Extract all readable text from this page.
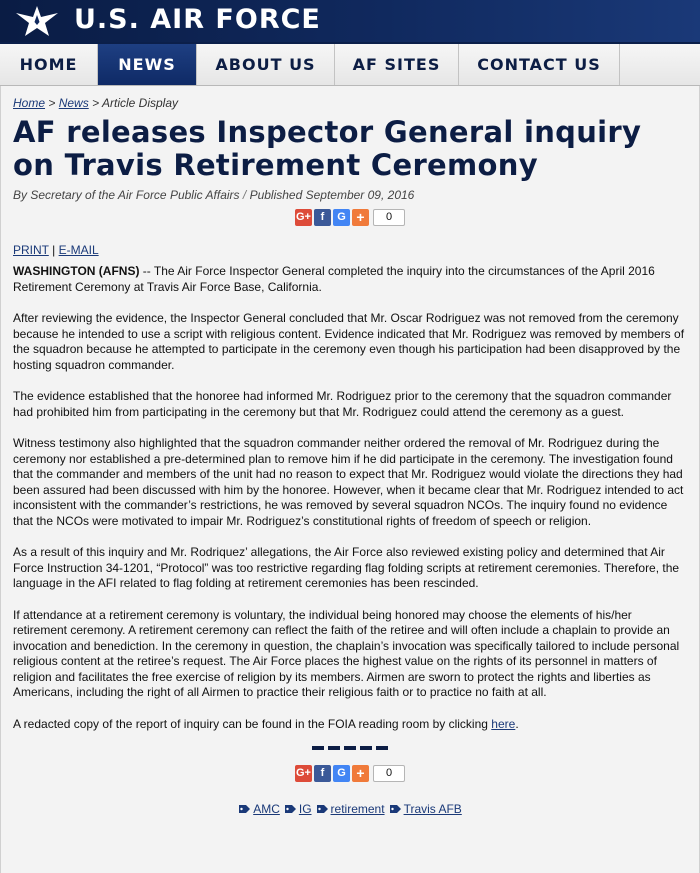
U.S. AIR FORCE
HOME	NEWS	ABOUT US	AF SITES	CONTACT US
Home > News > Article Display
AF releases Inspector General inquiry on Travis Retirement Ceremony
By Secretary of the Air Force Public Affairs / Published September 09, 2016
G+ f	G +	0
PRINT | E-MAIL

WASHINGTON (AFNS) -- The Air Force Inspector General completed the inquiry into the circumstances of the April 2016 Retirement Ceremony at Travis Air Force Base, California.

After reviewing the evidence, the Inspector General concluded that Mr. Oscar Rodriguez was not removed from the ceremony because he intended to use a script with religious content. Evidence indicated that Mr. Rodriguez was removed by members of the squadron because he attempted to participate in the ceremony even though his participation had been disapproved by the hosting squadron commander.

The evidence established that the honoree had informed Mr. Rodriguez prior to the ceremony that the squadron commander had prohibited him from participating in the ceremony but that Mr. Rodriguez could attend the ceremony as a guest.

Witness testimony also highlighted that the squadron commander neither ordered the removal of Mr. Rodriguez during the ceremony nor established a pre-determined plan to remove him if he did participate in the ceremony. The investigation found that the commander and members of the unit had no reason to expect that Mr. Rodriguez would violate the directions they had been assured had been discussed with him by the honoree. However, when it became clear that Mr. Rodriguez intended to act inconsistent with the commander’s restrictions, he was removed by several squadron NCOs. The inquiry found no evidence that the NCOs were motivated to impair Mr. Rodriguez’s constitutional rights of freedom of speech or religion.

As a result of this inquiry and Mr. Rodriquez’ allegations, the Air Force also reviewed existing policy and determined that Air Force Instruction 34-1201, “Protocol” was too restrictive regarding flag folding scripts at retirement ceremonies. Therefore, the language in the AFI related to flag folding at retirement ceremonies has been rescinded.

If attendance at a retirement ceremony is voluntary, the individual being honored may choose the elements of his/her retirement ceremony. A retirement ceremony can reflect the faith of the retiree and will often include a chaplain to provide an invocation and benediction. In the ceremony in question, the chaplain’s invocation was specifically tailored to include personal religious content at the retiree’s request. The Air Force places the highest value on the rights of its personnel in matters of religion and facilitates the free exercise of religion by its members. Airmen are sworn to protect the rights and liberties as Americans, including the right of all Airmen to practice their religious faith or to practice no faith at all.

A redacted copy of the report of inquiry can be found in the FOIA reading room by clicking here.

G+ f	G +	0
AMC IG retirement Travis AFB
